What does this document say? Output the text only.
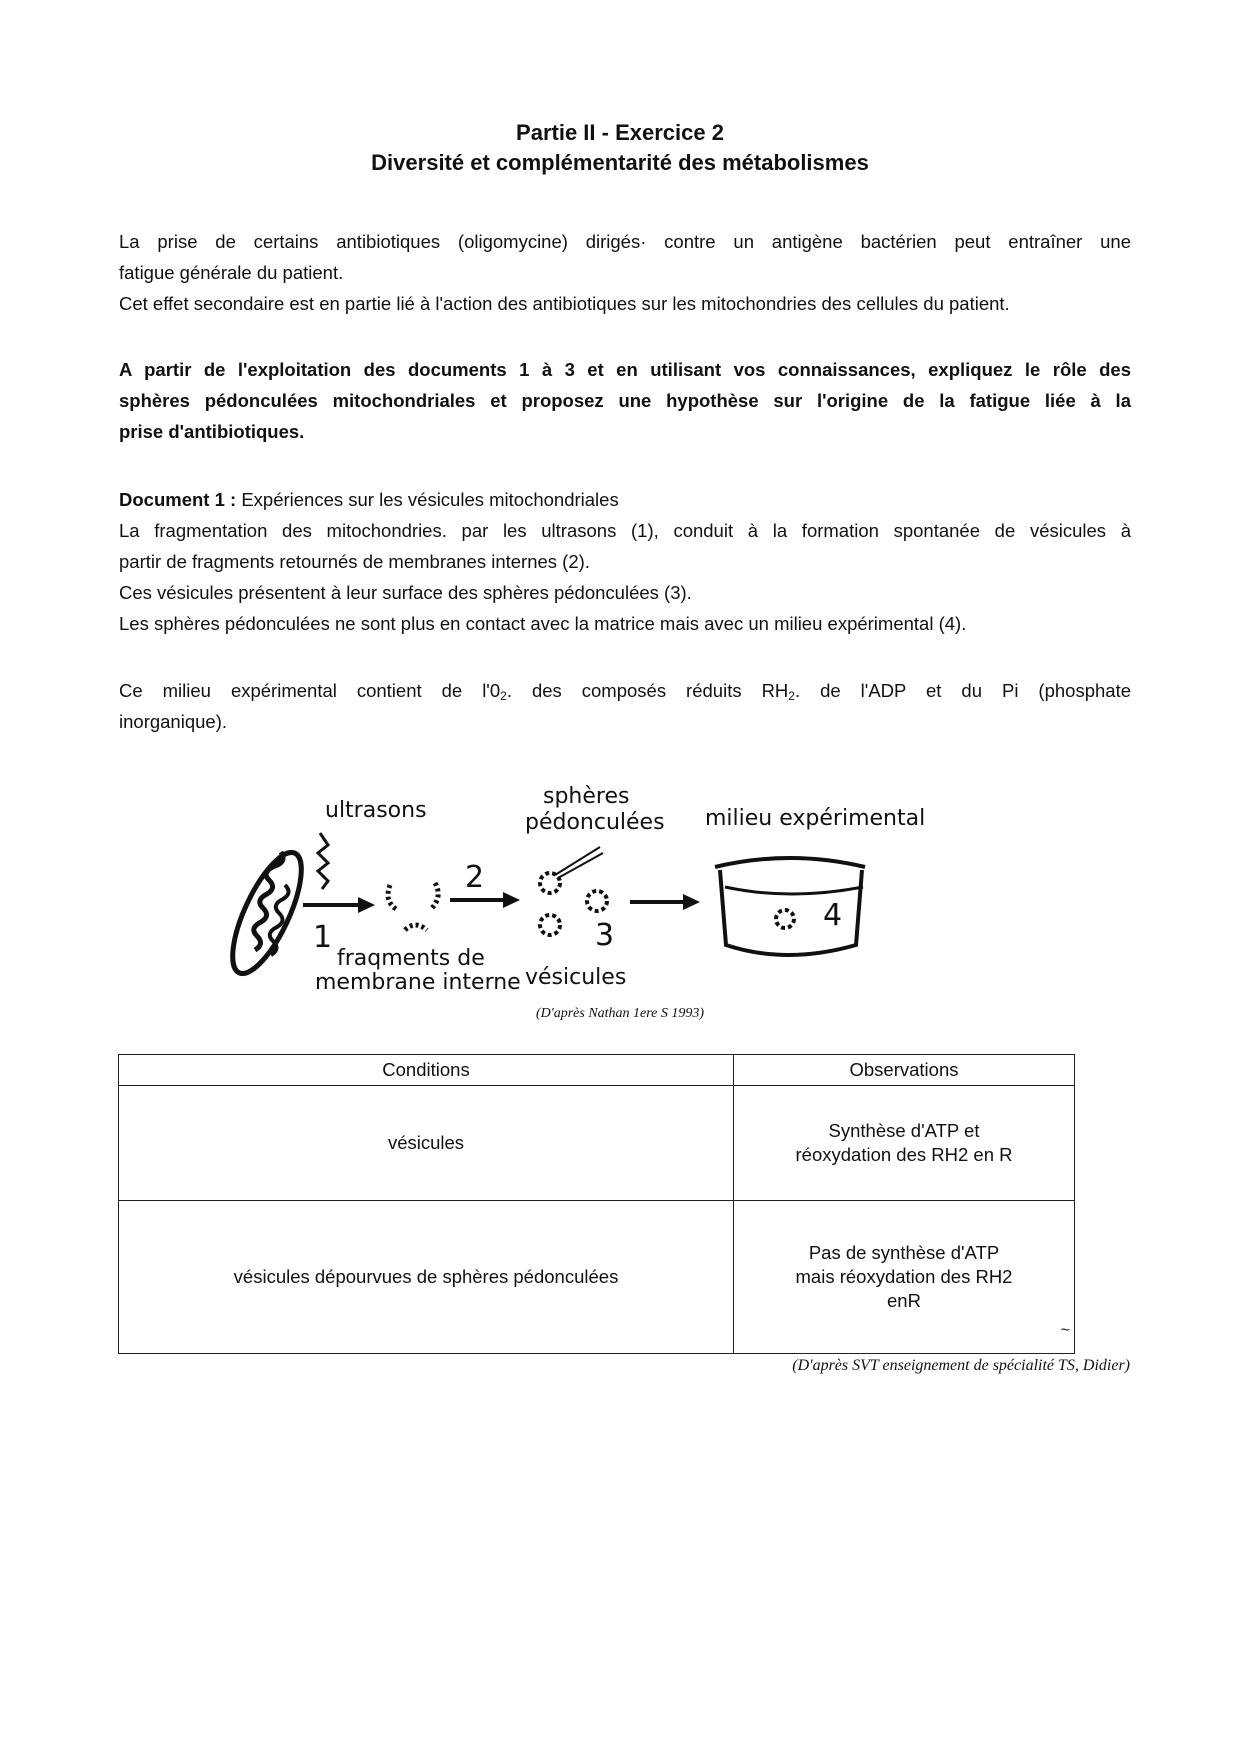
Partie II - Exercice 2
Diversité et complémentarité des métabolismes
La prise de certains antibiotiques (oligomycine) dirigés· contre un antigène bactérien peut entraîner une
fatigue générale du patient.
Cet effet secondaire est en partie lié à l'action des antibiotiques sur les mitochondries des cellules du patient.
A partir de l'exploitation des documents 1 à 3 et en utilisant vos connaissances, expliquez le rôle des
sphères pédonculées mitochondriales et proposez une hypothèse sur l'origine de la fatigue liée à la
prise d'antibiotiques.
Document 1 : Expériences sur les vésicules mitochondriales
La fragmentation des mitochondries. par les ultrasons (1), conduit à la formation spontanée de vésicules à
partir de fragments retournés de membranes internes (2).
Ces vésicules présentent à leur surface des sphères pédonculées (3).
Les sphères pédonculées ne sont plus en contact avec la matrice mais avec un milieu expérimental (4).
Ce milieu expérimental contient de $l'0_2$. des composés réduits $RH_2$. de l'ADP et du Pi (phosphate
inorganique).
ultrasons
1
fraqments de
membrane interne
2
sphères
pédonculées
3
vésicules
milieu expérimental
4
(D'après Nathan 1ere S 1993)
Conditions	Observations
vésicules	Synthèse d'ATP et
réoxydation des RH2 en R

vésicules dépourvues de sphères pédonculées	Pas de synthèse d'ATP
mais réoxydation des RH2
enR
~
(D'après SVT enseignement de spécialité TS, Didier)
